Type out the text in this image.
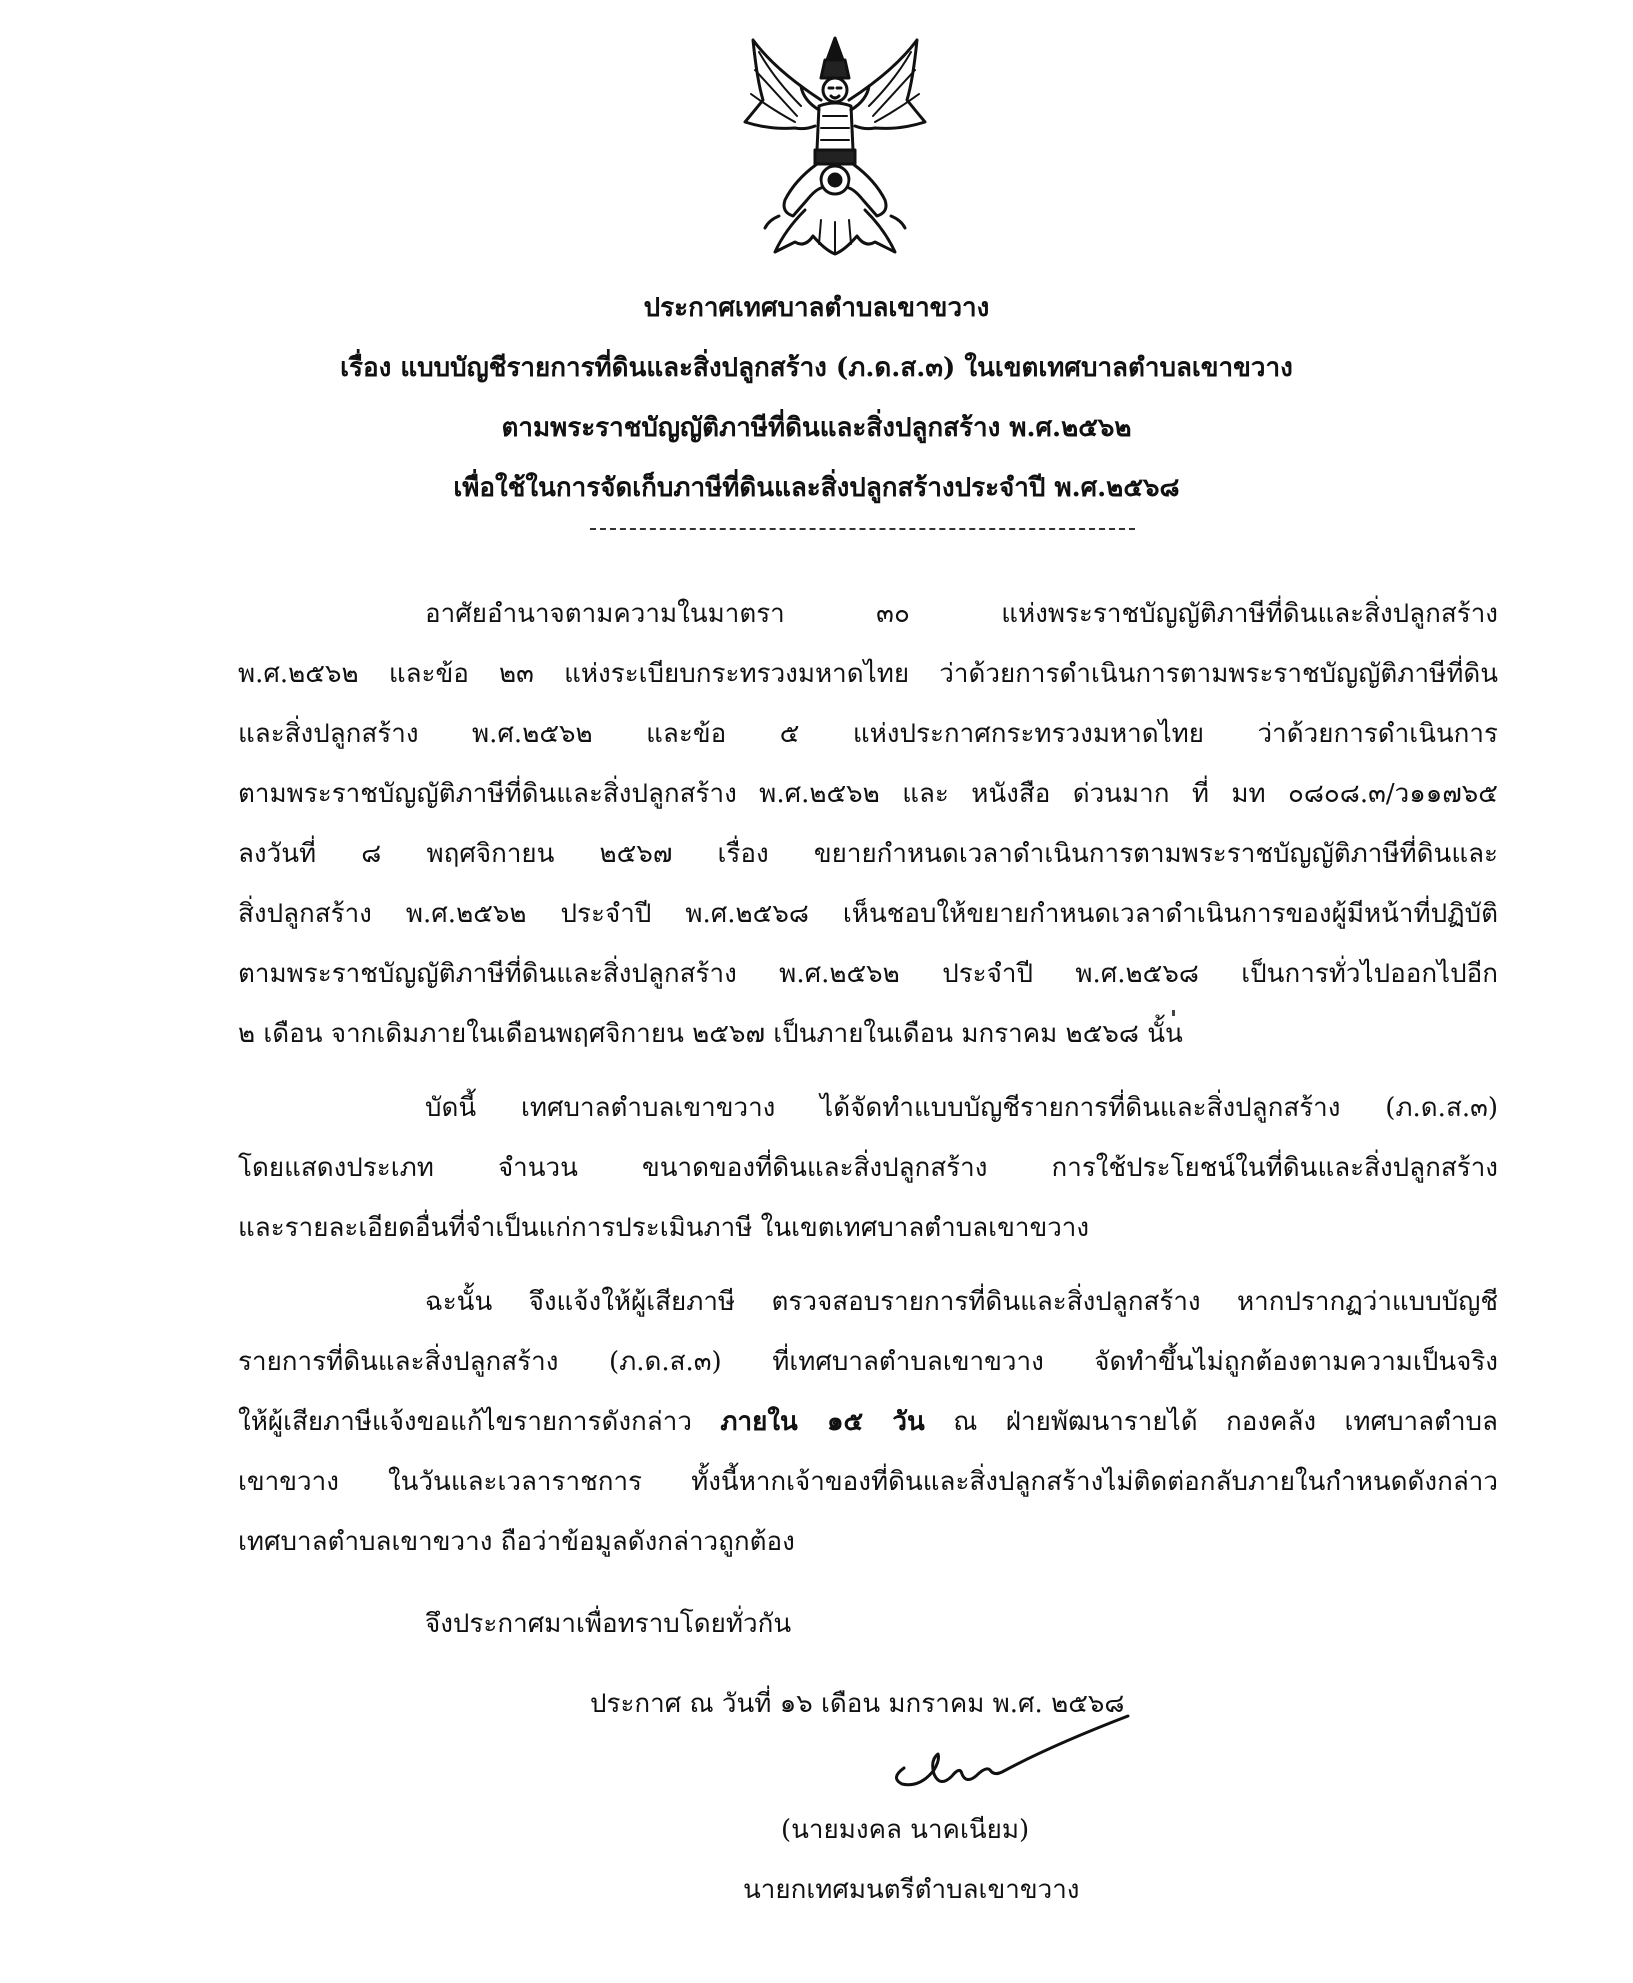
ประกาศเทศบาลตำบลเขาขวาง
เรื่อง แบบบัญชีรายการที่ดินและสิ่งปลูกสร้าง (ภ.ด.ส.๓) ในเขตเทศบาลตำบลเขาขวาง
ตามพระราชบัญญัติภาษีที่ดินและสิ่งปลูกสร้าง พ.ศ.๒๕๖๒
เพื่อใช้ในการจัดเก็บภาษีที่ดินและสิ่งปลูกสร้างประจำปี พ.ศ.๒๕๖๘
อาศัยอำนาจตามความในมาตรา ๓๐ แห่งพระราชบัญญัติภาษีที่ดินและสิ่งปลูกสร้าง
พ.ศ.๒๕๖๒ และข้อ ๒๓ แห่งระเบียบกระทรวงมหาดไทย ว่าด้วยการดำเนินการตามพระราชบัญญัติภาษีที่ดิน
และสิ่งปลูกสร้าง พ.ศ.๒๕๖๒ และข้อ ๕ แห่งประกาศกระทรวงมหาดไทย ว่าด้วยการดำเนินการ
ตามพระราชบัญญัติภาษีที่ดินและสิ่งปลูกสร้าง พ.ศ.๒๕๖๒ และ หนังสือ ด่วนมาก ที่ มท ๐๘๐๘.๓/ว๑๑๗๖๕
ลงวันที่ ๘ พฤศจิกายน ๒๕๖๗ เรื่อง ขยายกำหนดเวลาดำเนินการตามพระราชบัญญัติภาษีที่ดินและ
สิ่งปลูกสร้าง พ.ศ.๒๕๖๒ ประจำปี พ.ศ.๒๕๖๘ เห็นชอบให้ขยายกำหนดเวลาดำเนินการของผู้มีหน้าที่ปฏิบัติ
ตามพระราชบัญญัติภาษีที่ดินและสิ่งปลูกสร้าง พ.ศ.๒๕๖๒ ประจำปี พ.ศ.๒๕๖๘ เป็นการทั่วไปออกไปอีก
๒ เดือน จากเดิมภายในเดือนพฤศจิกายน ๒๕๖๗ เป็นภายในเดือน มกราคม ๒๕๖๘ นั้น
บัดนี้ เทศบาลตำบลเขาขวาง ได้จัดทำแบบบัญชีรายการที่ดินและสิ่งปลูกสร้าง (ภ.ด.ส.๓)
โดยแสดงประเภท จำนวน ขนาดของที่ดินและสิ่งปลูกสร้าง การใช้ประโยชน์ในที่ดินและสิ่งปลูกสร้าง
และรายละเอียดอื่นที่จำเป็นแก่การประเมินภาษี ในเขตเทศบาลตำบลเขาขวาง
ฉะนั้น จึงแจ้งให้ผู้เสียภาษี ตรวจสอบรายการที่ดินและสิ่งปลูกสร้าง หากปรากฏว่าแบบบัญชี
รายการที่ดินและสิ่งปลูกสร้าง (ภ.ด.ส.๓) ที่เทศบาลตำบลเขาขวาง จัดทำขึ้นไม่ถูกต้องตามความเป็นจริง
ให้ผู้เสียภาษีแจ้งขอแก้ไขรายการดังกล่าว ภายใน ๑๕ วัน ณ ฝ่ายพัฒนารายได้ กองคลัง เทศบาลตำบล
เขาขวาง ในวันและเวลาราชการ ทั้งนี้หากเจ้าของที่ดินและสิ่งปลูกสร้างไม่ติดต่อกลับภายในกำหนดดังกล่าว
เทศบาลตำบลเขาขวาง ถือว่าข้อมูลดังกล่าวถูกต้อง
จึงประกาศมาเพื่อทราบโดยทั่วกัน
ประกาศ ณ วันที่ ๑๖ เดือน มกราคม พ.ศ. ๒๕๖๘
(นายมงคล นาคเนียม)
นายกเทศมนตรีตำบลเขาขวาง
